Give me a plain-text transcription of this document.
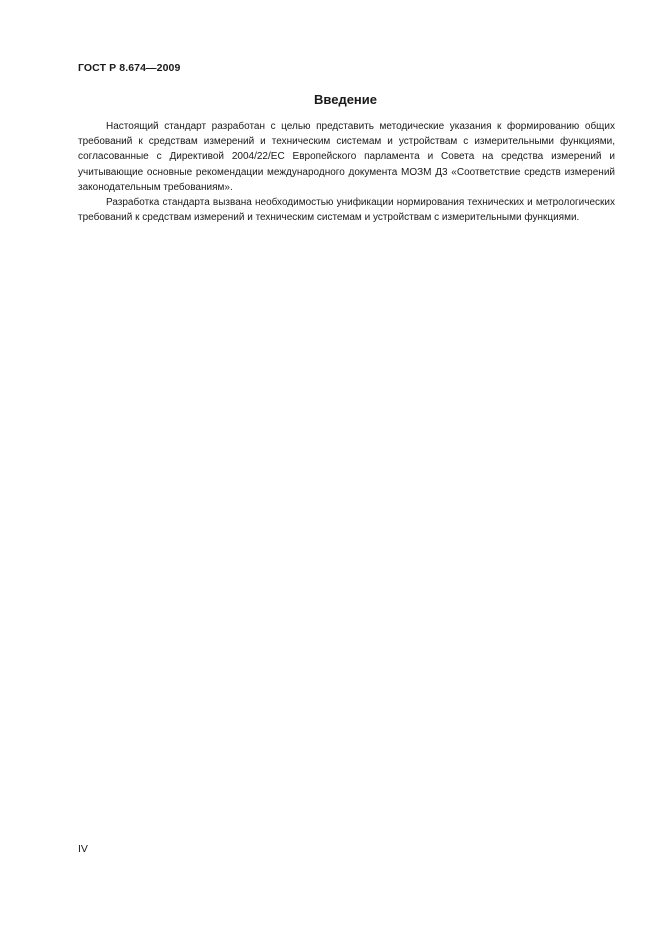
ГОСТ Р 8.674—2009
Введение

Настоящий стандарт разработан с целью представить методические указания к формированию общих требований к средствам измерений и техническим системам и устройствам с измерительными функциями, согласованные с Директивой 2004/22/ЕС Европейского парламента и Совета на средства измерений и учитывающие основные рекомендации международного документа МОЗМ Д3 «Соответствие средств измерений законодательным требованиям».

Разработка стандарта вызвана необходимостью унификации нормирования технических и метрологических требований к средствам измерений и техническим системам и устройствам с измерительными функциями.

IV
